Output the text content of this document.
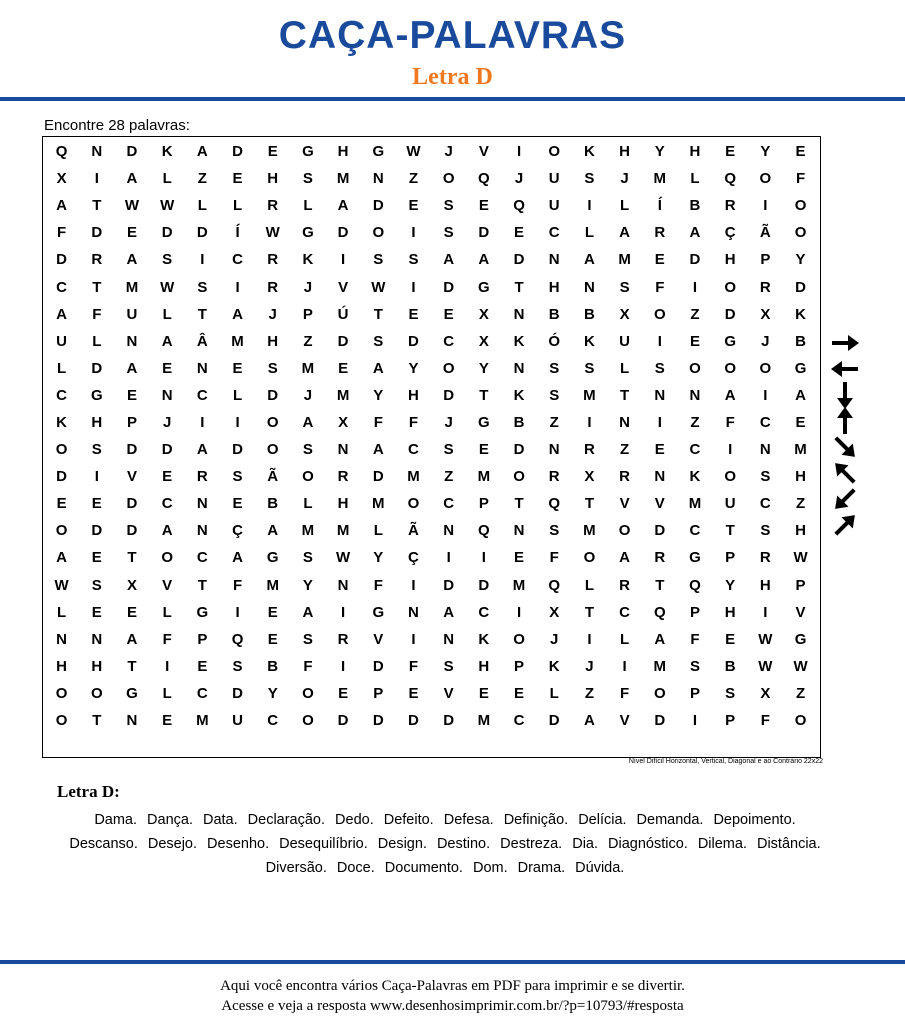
CAÇA-PALAVRAS
Letra D
Encontre 28 palavras:
Q	N	D	K	A	D	E	G	H	G	W	J	V	I	O	K	H	Y	H	E	Y	E
X	I	A	L	Z	E	H	S	M	N	Z	O	Q	J	U	S	J	M	L	Q	O	F
A	T	W	W	L	L	R	L	A	D	E	S	E	Q	U	I	L	Í	B	R	I	O
F	D	E	D	D	Í	W	G	D	O	I	S	D	E	C	L	A	R	A	Ç	Ã	O
D	R	A	S	I	C	R	K	I	S	S	A	A	D	N	A	M	E	D	H	P	Y
C	T	M	W	S	I	R	J	V	W	I	D	G	T	H	N	S	F	I	O	R	D
A	F	U	L	T	A	J	P	Ú	T	E	E	X	N	B	B	X	O	Z	D	X	K
U	L	N	A	Â	M	H	Z	D	S	D	C	X	K	Ó	K	U	I	E	G	J	B
L	D	A	E	N	E	S	M	E	A	Y	O	Y	N	S	S	L	S	O	O	O	G
C	G	E	N	C	L	D	J	M	Y	H	D	T	K	S	M	T	N	N	A	I	A
K	H	P	J	I	I	O	A	X	F	F	J	G	B	Z	I	N	I	Z	F	C	E
O	S	D	D	A	D	O	S	N	A	C	S	E	D	N	R	Z	E	C	I	N	M
D	I	V	E	R	S	Ã	O	R	D	M	Z	M	O	R	X	R	N	K	O	S	H
E	E	D	C	N	E	B	L	H	M	O	C	P	T	Q	T	V	V	M	U	C	Z
O	D	D	A	N	Ç	A	M	M	L	Ã	N	Q	N	S	M	O	D	C	T	S	H
A	E	T	O	C	A	G	S	W	Y	Ç	I	I	E	F	O	A	R	G	P	R	W
W	S	X	V	T	F	M	Y	N	F	I	D	D	M	Q	L	R	T	Q	Y	H	P
L	E	E	L	G	I	E	A	I	G	N	A	C	I	X	T	C	Q	P	H	I	V
N	N	A	F	P	Q	E	S	R	V	I	N	K	O	J	I	L	A	F	E	W	G
H	H	T	I	E	S	B	F	I	D	F	S	H	P	K	J	I	M	S	B	W	W
O	O	G	L	C	D	Y	O	E	P	E	V	E	E	L	Z	F	O	P	S	X	Z
O	T	N	E	M	U	C	O	D	D	D	D	M	C	D	A	V	D	I	P	F	O
Nível Difícil Horizontal, Vertical, Diagonal e ao Contrário 22x22
Letra D:
Dama. Dança. Data. Declaração. Dedo. Defeito. Defesa. Definição. Delícia. Demanda. Depoimento.Descanso. Desejo. Desenho. Desequilíbrio. Design. Destino. Destreza. Dia. Diagnóstico. Dilema. Distância.Diversão. Doce. Documento. Dom. Drama. Dúvida.
Aqui você encontra vários Caça-Palavras em PDF para imprimir e se divertir.
Acesse e veja a resposta www.desenhosimprimir.com.br/?p=10793/#resposta
